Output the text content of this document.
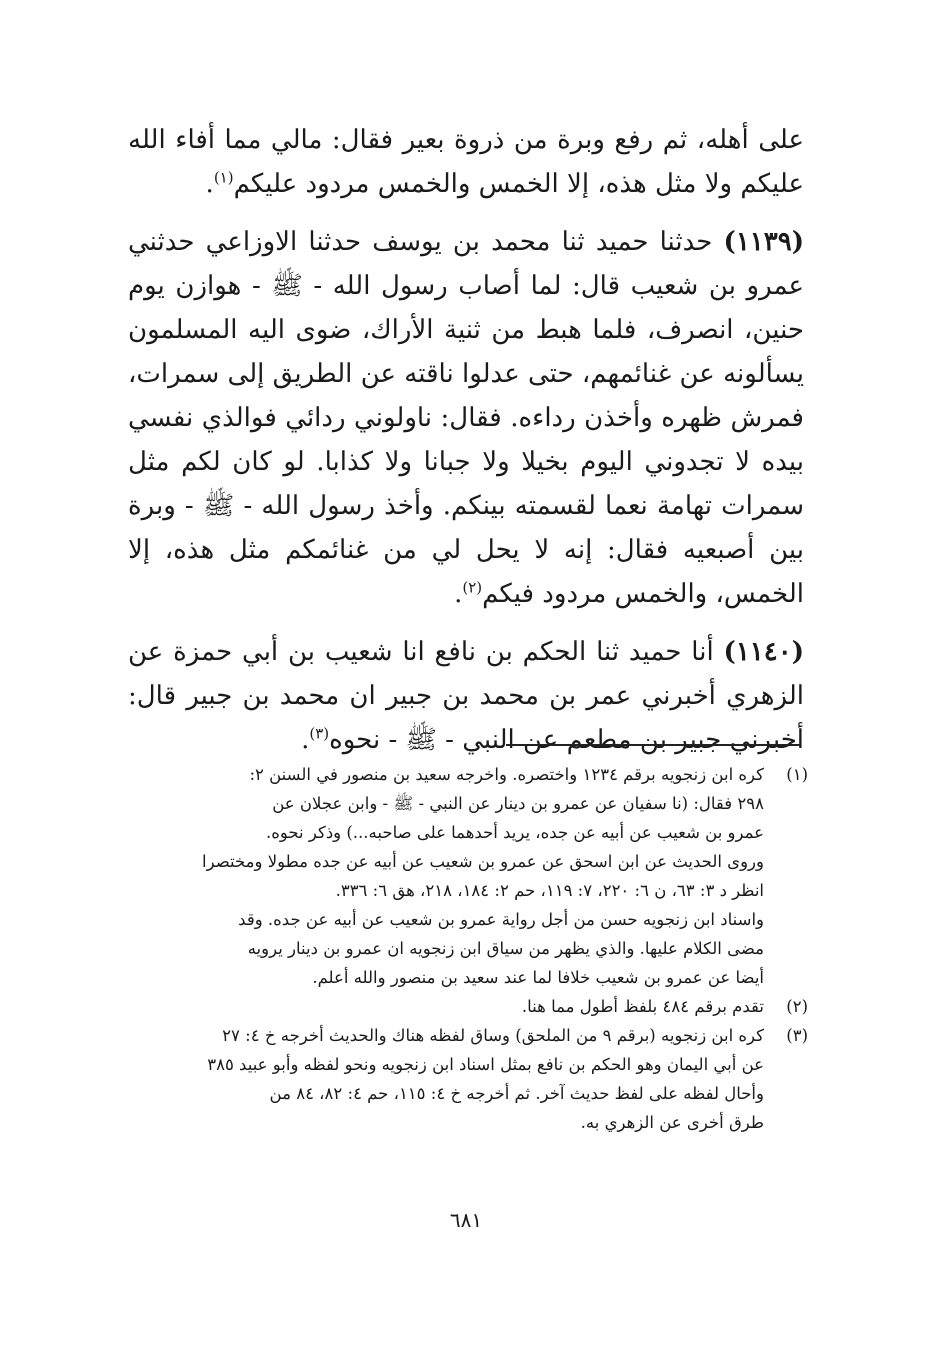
على أهله، ثم رفع وبرة من ذروة بعير فقال: مالي مما أفاء الله عليكم ولا مثل هذه، إلا الخمس والخمس مردود عليكم$^{(١)}$.

(١١٣٩) حدثنا حميد ثنا محمد بن يوسف حدثنا الاوزاعي حدثني عمرو بن شعيب قال: لما أصاب رسول الله - ﷺ - هوازن يوم حنين، انصرف، فلما هبط من ثنية الأراك، ضوى اليه المسلمون يسألونه عن غنائمهم، حتى عدلوا ناقته عن الطريق إلى سمرات، فمرش ظهره وأخذن رداءه. فقال: ناولوني ردائي فوالذي نفسي بيده لا تجدوني اليوم بخيلا ولا جبانا ولا كذابا. لو كان لكم مثل سمرات تهامة نعما لقسمته بينكم. وأخذ رسول الله - ﷺ - وبرة بين أصبعيه فقال: إنه لا يحل لي من غنائمكم مثل هذه، إلا الخمس، والخمس مردود فيكم$^{(٢)}$.

(١١٤٠) أنا حميد ثنا الحكم بن نافع انا شعيب بن أبي حمزة عن الزهري أخبرني عمر بن محمد بن جبير ان محمد بن جبير قال: أخبرني جبير بن مطعم عن النبي - ﷺ - نحوه$^{(٣)}$.

(١)
كره ابن زنجويه برقم ١٢٣٤ واختصره. واخرجه سعيد بن منصور في السنن ٢:
٢٩٨ فقال: (نا سفيان عن عمرو بن دينار عن النبي - ﷺ - وابن عجلان عن
عمرو بن شعيب عن أبيه عن جده، يريد أحدهما على صاحبه...) وذكر نحوه.
وروى الحديث عن ابن اسحق عن عمرو بن شعيب عن أبيه عن جده مطولا ومختصرا
انظر د ٣: ٦٣، ن ٦: ٢٢٠، ٧: ١١٩، حم ٢: ١٨٤، ٢١٨، هق ٦: ٣٣٦.
واسناد ابن زنجويه حسن من أجل رواية عمرو بن شعيب عن أبيه عن جده. وقد
مضى الكلام عليها. والذي يظهر من سياق ابن زنجويه ان عمرو بن دينار يرويه
أيضا عن عمرو بن شعيب خلافا لما عند سعيد بن منصور والله أعلم.
(٢)
تقدم برقم ٤٨٤ بلفظ أطول مما هنا.
(٣)
كره ابن زنجويه (برقم ٩ من الملحق) وساق لفظه هناك والحديث أخرجه خ ٤: ٢٧
عن أبي اليمان وهو الحكم بن نافع بمثل اسناد ابن زنجويه ونحو لفظه وأبو عبيد ٣٨٥
وأحال لفظه على لفظ حديث آخر. ثم أخرجه خ ٤: ١١٥، حم ٤: ٨٢، ٨٤ من
طرق أخرى عن الزهري به.
٦٨١
